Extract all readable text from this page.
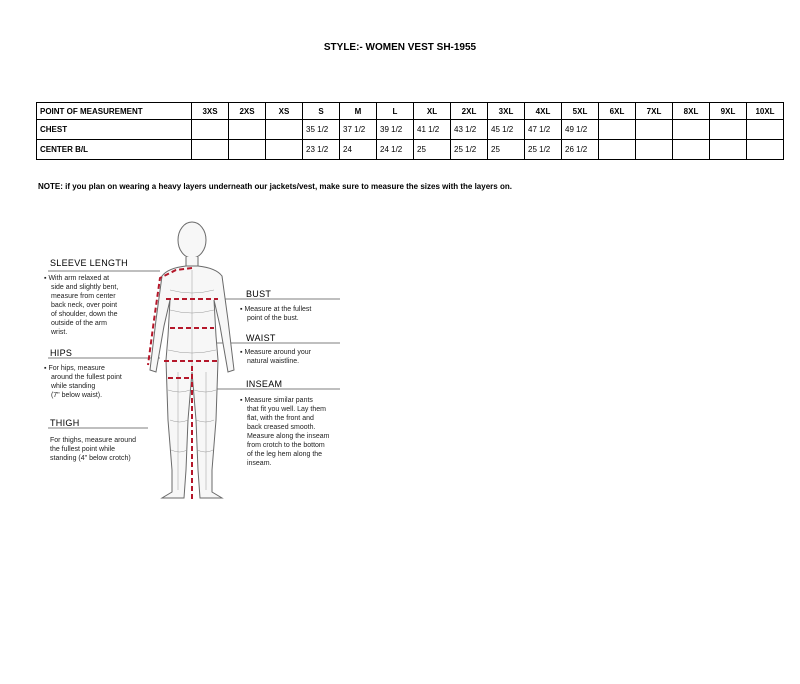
STYLE:- WOMEN VEST SH-1955
POINT OF MEASUREMENT	3XS	2XS	XS	S	M	L	XL	2XL	3XL	4XL	5XL	6XL	7XL	8XL	9XL	10XL
CHEST				35 1/2	37 1/2	39 1/2	41 1/2	43 1/2	45 1/2	47 1/2	49 1/2					
CENTER B/L				23 1/2	24	24 1/2	25	25 1/2	25	25 1/2	26 1/2					
NOTE: if you plan on wearing a heavy layers underneath our jackets/vest, make sure to measure the sizes with the layers on.
SLEEVE LENGTH
▪ With arm relaxed at
side and slightly bent,
measure from center
back neck, over point
of shoulder, down the
outside of the arm
wrist.
HIPS
▪ For hips, measure
around the fullest point
while standing
(7" below waist).
THIGH
For thighs, measure around
the fullest point while
standing (4" below crotch)
BUST
▪ Measure at the fullest
point of the bust.
WAIST
▪ Measure around your
natural waistline.
INSEAM
▪ Measure similar pants
that fit you well. Lay them
flat, with the front and
back creased smooth.
Measure along the inseam
from crotch to the bottom
of the leg hem along the
inseam.
